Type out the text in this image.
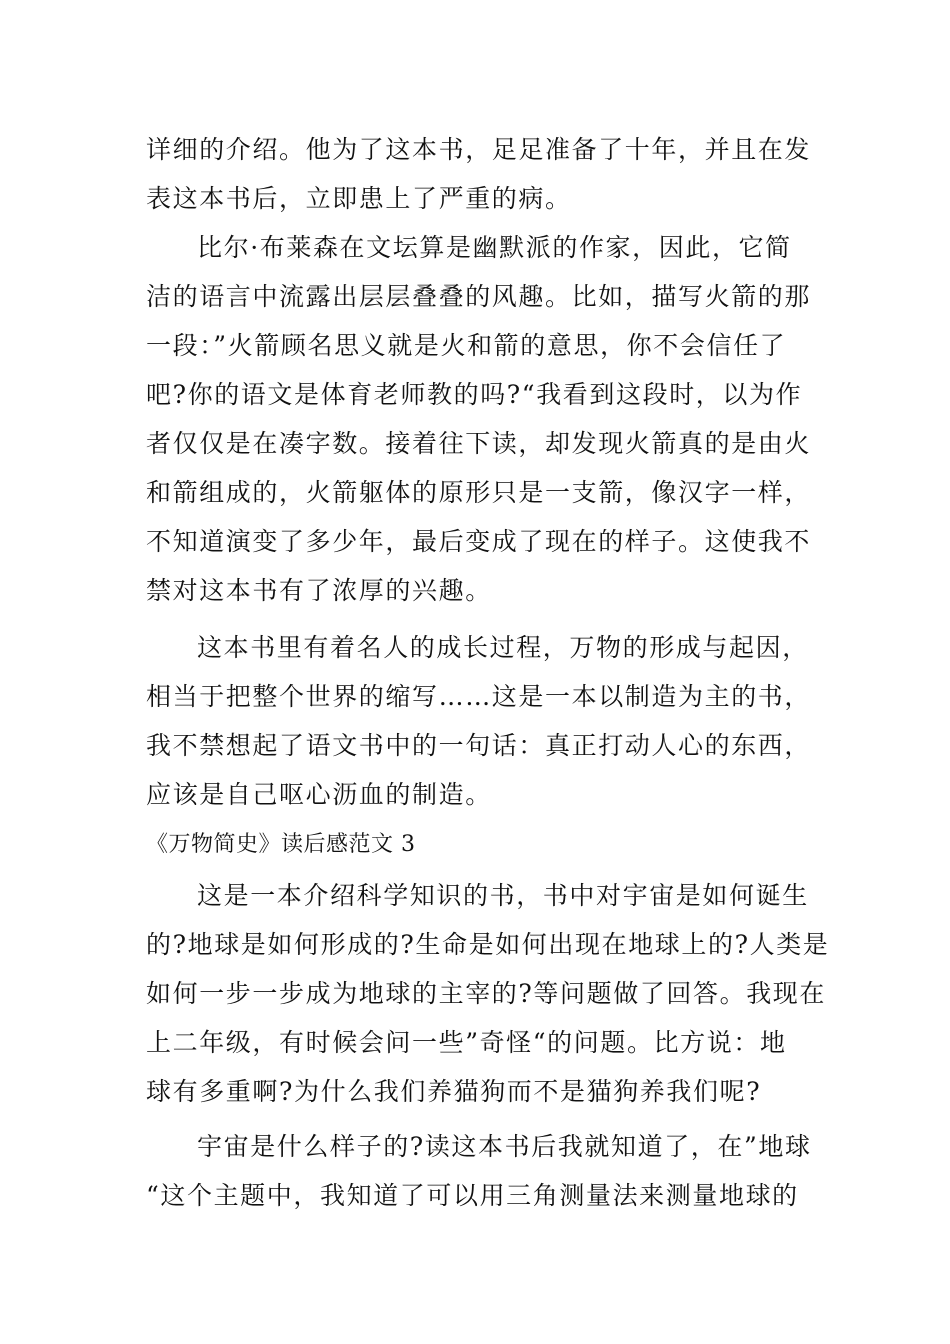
详细的介绍。他为了这本书，足足准备了十年，并且在发
表这本书后，立即患上了严重的病。
比尔·布莱森在文坛算是幽默派的作家，因此，它简
洁的语言中流露出层层叠叠的风趣。比如，描写火箭的那
一段：”火箭顾名思义就是火和箭的意思，你不会信任了
吧?你的语文是体育老师教的吗?“我看到这段时，以为作
者仅仅是在凑字数。接着往下读，却发现火箭真的是由火
和箭组成的，火箭躯体的原形只是一支箭，像汉字一样，
不知道演变了多少年，最后变成了现在的样子。这使我不
禁对这本书有了浓厚的兴趣。
这本书里有着名人的成长过程，万物的形成与起因，
相当于把整个世界的缩写……这是一本以制造为主的书，
我不禁想起了语文书中的一句话：真正打动人心的东西，
应该是自己呕心沥血的制造。
《万物简史》读后感范文 3
这是一本介绍科学知识的书，书中对宇宙是如何诞生
的?地球是如何形成的?生命是如何出现在地球上的?人类是
如何一步一步成为地球的主宰的?等问题做了回答。我现在
上二年级，有时候会问一些”奇怪“的问题。比方说：地
球有多重啊?为什么我们养猫狗而不是猫狗养我们呢?
宇宙是什么样子的?读这本书后我就知道了，在”地球
“这个主题中，我知道了可以用三角测量法来测量地球的
